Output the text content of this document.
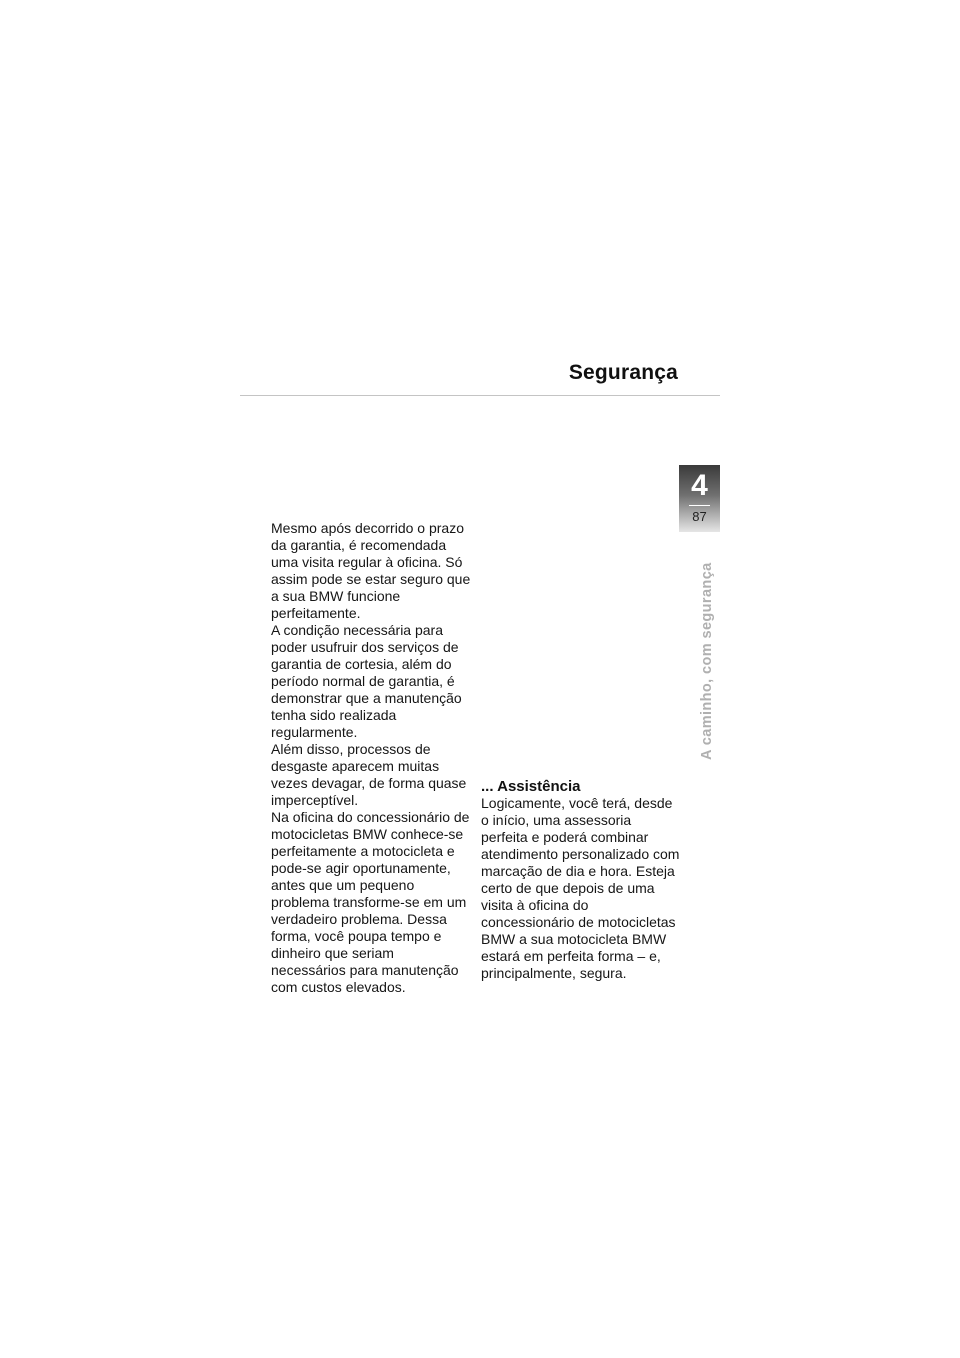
Segurança
4
87
A caminho, com segurança

Mesmo após decorrido o prazo da garantia, é recomendada uma visita regular à oficina. Só assim pode se estar seguro que a sua BMW funcione perfeitamente.

A condição necessária para poder usufruir dos serviços de garantia de cortesia, além do período normal de garantia, é demonstrar que a manutenção tenha sido realizada regularmente.

Além disso, processos de desgaste aparecem muitas vezes devagar, de forma quase imperceptível.

Na oficina do concessionário de motocicletas BMW conhece-se perfeitamente a motocicleta e pode-se agir oportunamente, antes que um pequeno problema transforme-se em um verdadeiro problema. Dessa forma, você poupa tempo e dinheiro que seriam necessários para manutenção com custos elevados.

... Assistência

Logicamente, você terá, desde o início, uma assessoria perfeita e poderá combinar atendimento personalizado com marcação de dia e hora. Esteja certo de que depois de uma visita à oficina do concessionário de motocicletas BMW a sua motocicleta BMW estará em perfeita forma – e, principalmente, segura.
